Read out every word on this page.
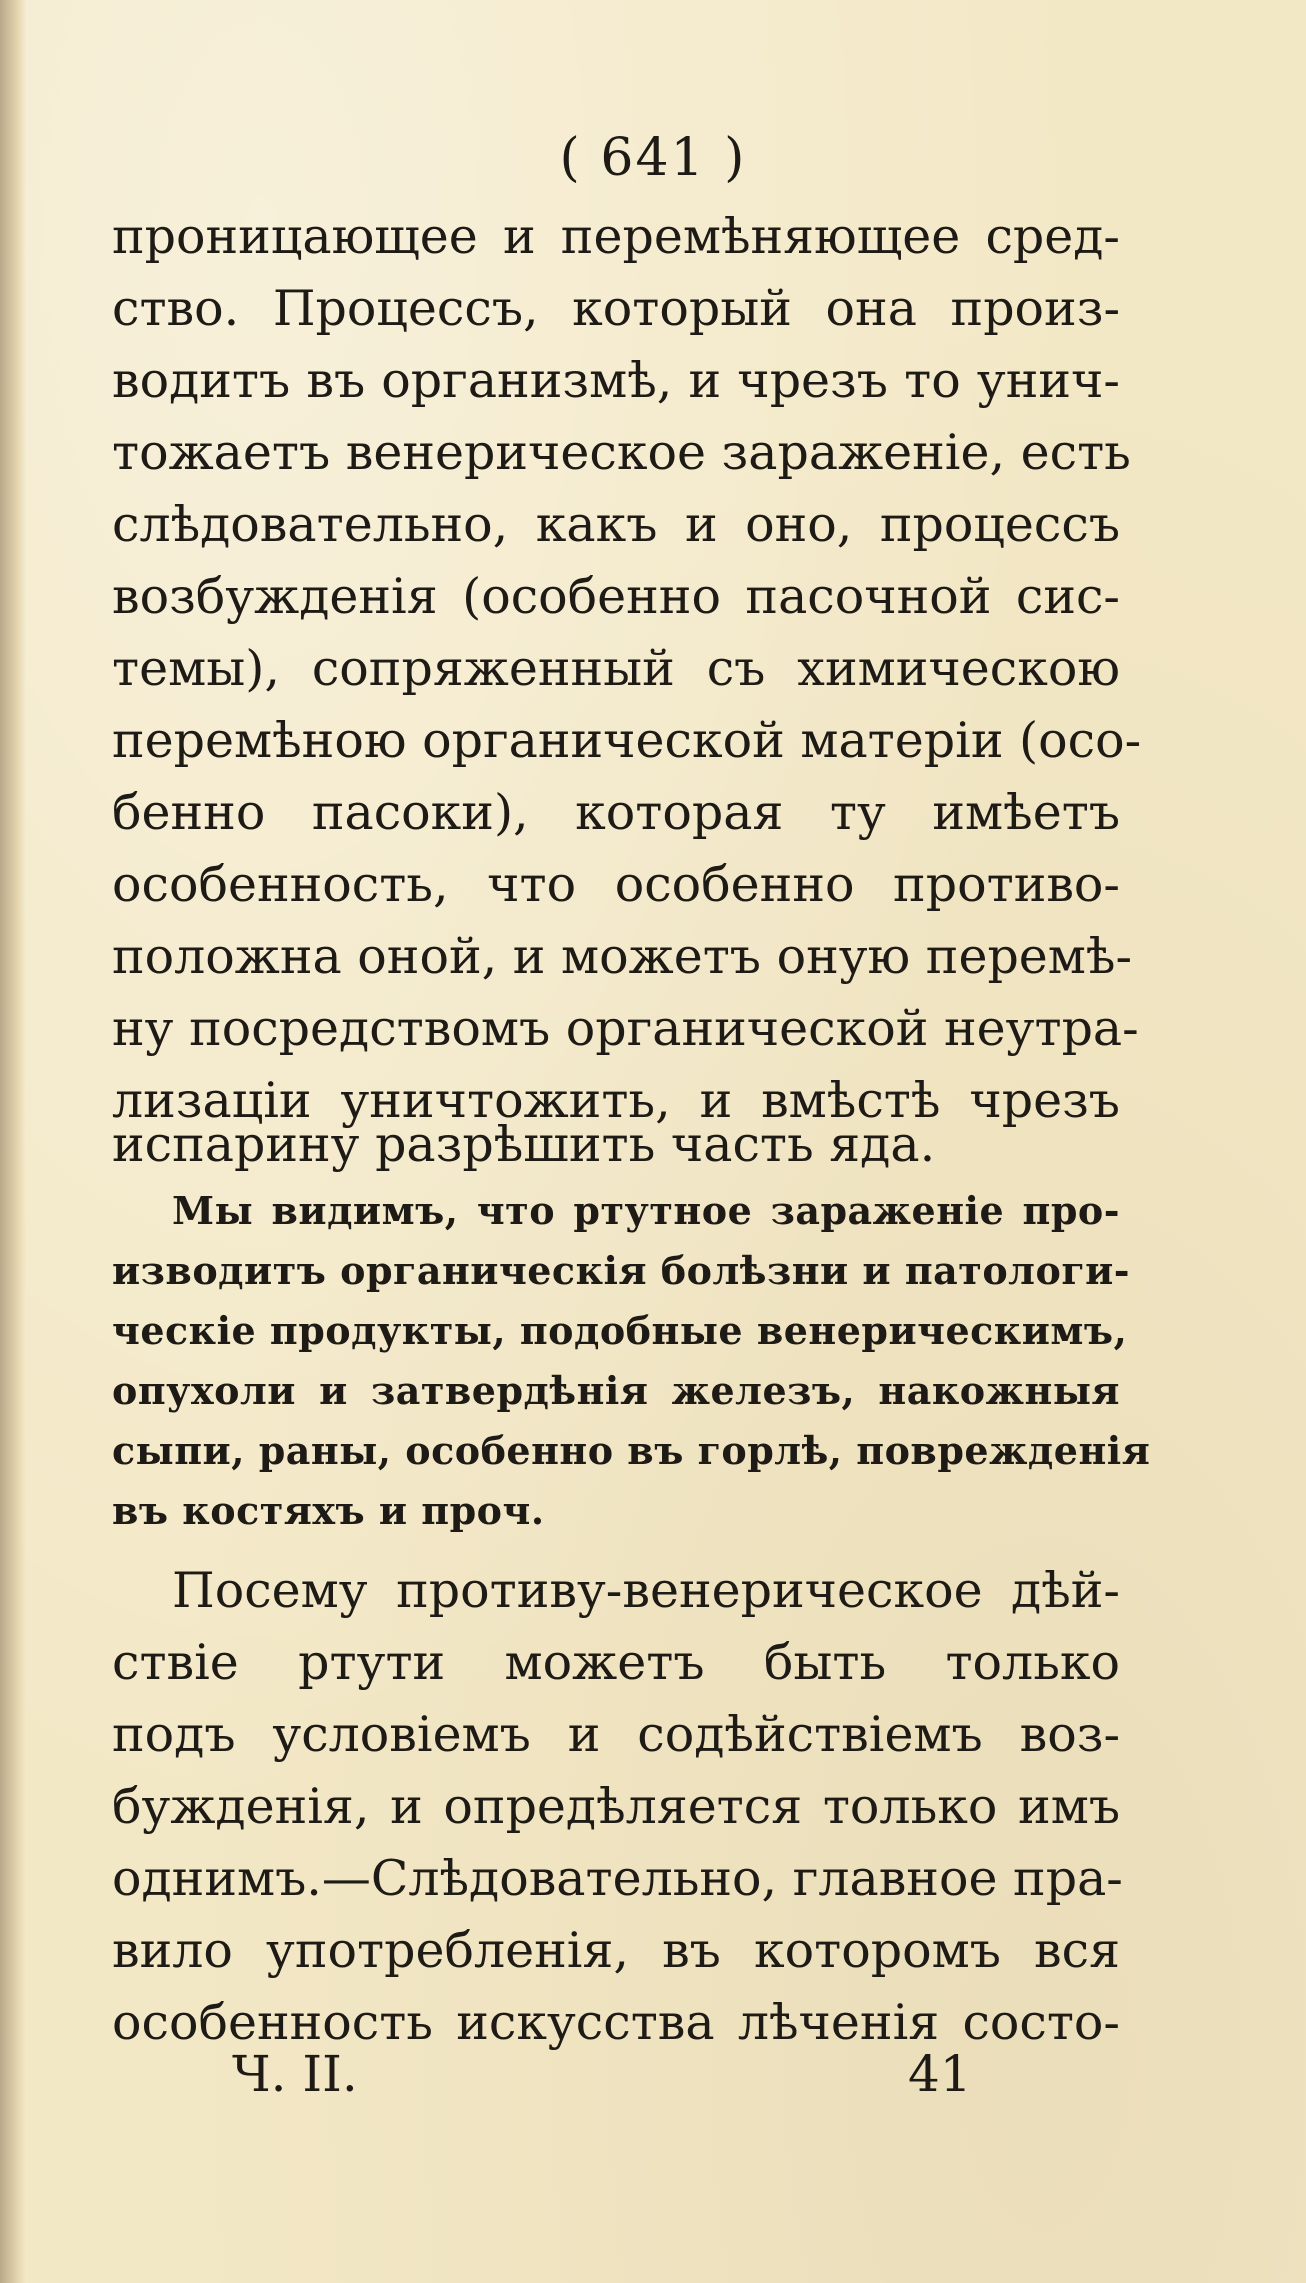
( 641 )
проницающее и перемѣняющее сред-
ство. Процессъ, который она произ-
водитъ въ организмѣ, и чрезъ то унич-
тожаетъ венерическое зараженіе, есть
слѣдовательно, какъ и оно, процессъ
возбужденія (особенно пасочной сис-
темы), сопряженный съ химическою
перемѣною органической матеріи (осо-
бенно пасоки), которая ту имѣетъ
особенность, что особенно противо-
положна оной, и можетъ оную перемѣ-
ну посредствомъ органической неутра-
лизаціи уничтожить, и вмѣстѣ чрезъ
испарину разрѣшить часть яда.
Мы видимъ, что ртутное зараженіе про-
изводитъ органическія болѣзни и патологи-
ческіе продукты, подобные венерическимъ,
опухоли и затвердѣнія железъ, накожныя
сыпи, раны, особенно въ горлѣ, поврежденія
въ костяхъ и проч.
Посему противу-венерическое дѣй-
ствіе ртути можетъ быть только
подъ условіемъ и содѣйствіемъ воз-
бужденія, и опредѣляется только имъ
однимъ.—Слѣдовательно, главное пра-
вило употребленія, въ которомъ вся
особенность искусства лѣченія состо-
Ч. II.	41
